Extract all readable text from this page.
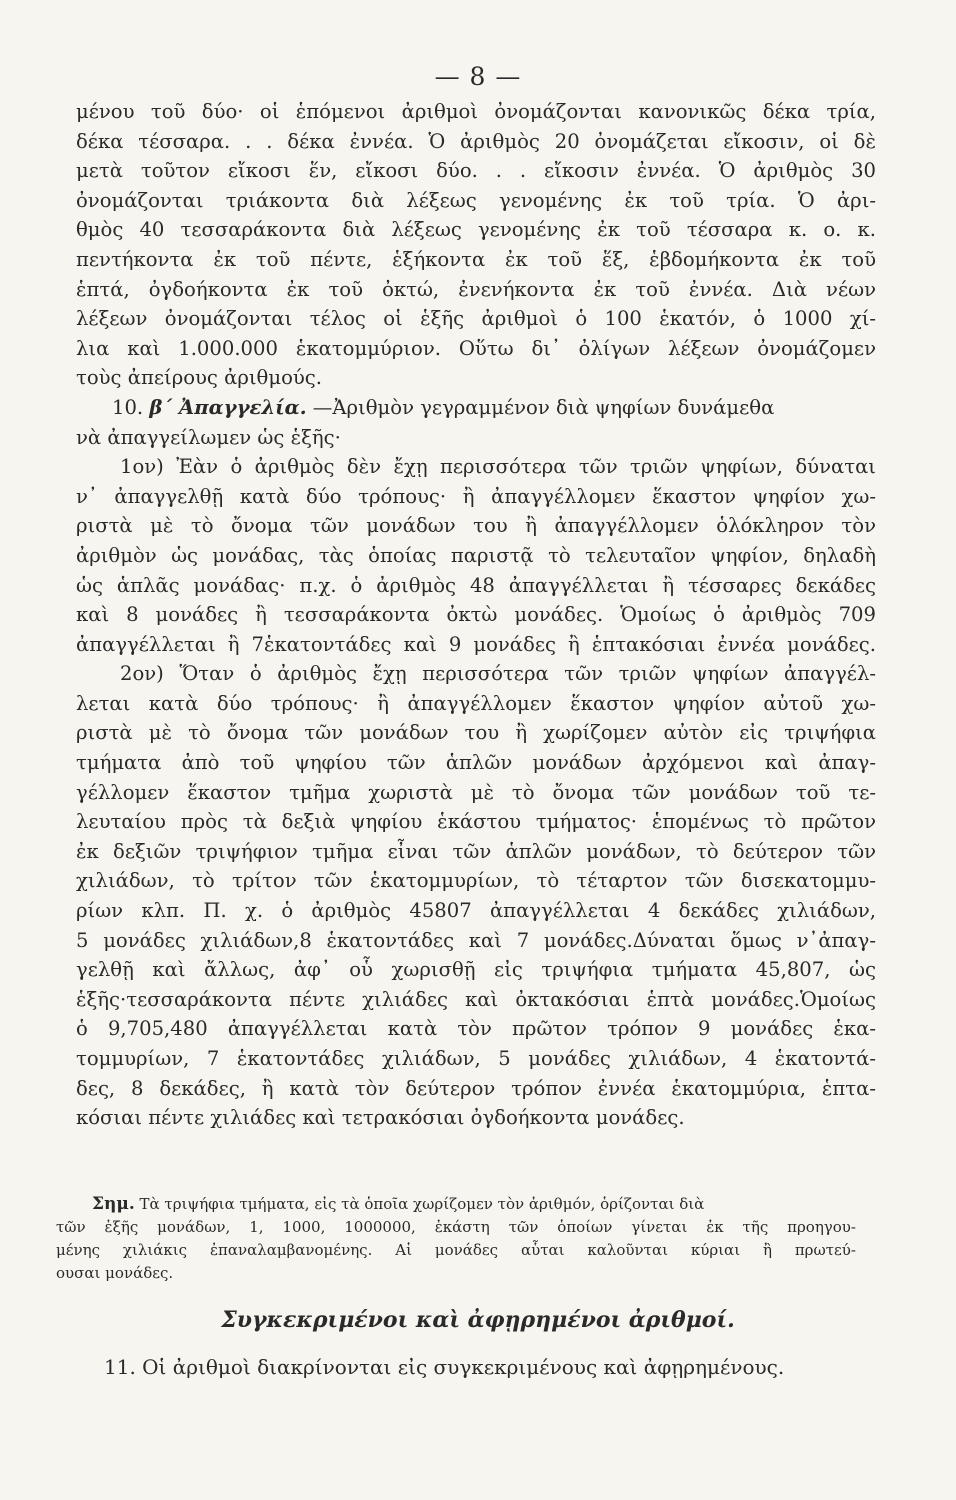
— 8 —
μένου τοῦ δύο· οἱ ἑπόμενοι ἀριθμοὶ ὀνομάζονται κανονικῶς δέκα τρία,
δέκα τέσσαρα. . . δέκα ἐννέα. Ὁ ἀριθμὸς 20 ὀνομάζεται εἴκοσιν, οἱ δὲ
μετὰ τοῦτον εἴκοσι ἕν, εἴκοσι δύο. . . εἴκοσιν ἐννέα. Ὁ ἀριθμὸς 30
ὀνομάζονται τριάκοντα διὰ λέξεως γενομένης ἐκ τοῦ τρία. Ὁ ἀρι-
θμὸς 40 τεσσαράκοντα διὰ λέξεως γενομένης ἐκ τοῦ τέσσαρα κ. ο. κ.
πεντήκοντα ἐκ τοῦ πέντε, ἑξήκοντα ἐκ τοῦ ἕξ, ἑβδομήκοντα ἐκ τοῦ
ἑπτά, ὀγδοήκοντα ἐκ τοῦ ὀκτώ, ἐνενήκοντα ἐκ τοῦ ἐννέα. Διὰ νέων
λέξεων ὀνομάζονται τέλος οἱ ἑξῆς ἀριθμοὶ ὁ 100 ἑκατόν, ὁ 1000 χί-
λια καὶ 1.000.000 ἑκατομμύριον. Οὕτω δι᾽ ὀλίγων λέξεων ὀνομάζομεν
τοὺς ἀπείρους ἀριθμούς.
10. β΄ Ἀπαγγελία. —Ἀριθμὸν γεγραμμένον διὰ ψηφίων δυνάμεθα
νὰ ἀπαγγείλωμεν ὡς ἑξῆς·
1ον) Ἐὰν ὁ ἀριθμὸς δὲν ἔχῃ περισσότερα τῶν τριῶν ψηφίων, δύναται
ν᾽ ἀπαγγελθῇ κατὰ δύο τρόπους· ἢ ἀπαγγέλλομεν ἕκαστον ψηφίον χω-
ριστὰ μὲ τὸ ὄνομα τῶν μονάδων του ἢ ἀπαγγέλλομεν ὁλόκληρον τὸν
ἀριθμὸν ὡς μονάδας, τὰς ὁποίας παριστᾷ τὸ τελευταῖον ψηφίον, δηλαδὴ
ὡς ἁπλᾶς μονάδας· π.χ. ὁ ἀριθμὸς 48 ἀπαγγέλλεται ἢ τέσσαρες δεκάδες
καὶ 8 μονάδες ἢ τεσσαράκοντα ὀκτὼ μονάδες. Ὁμοίως ὁ ἀριθμὸς 709
ἀπαγγέλλεται ἢ 7ἑκατοντάδες καὶ 9 μονάδες ἢ ἑπτακόσιαι ἐννέα μονάδες.
2ον) Ὅταν ὁ ἀριθμὸς ἔχῃ περισσότερα τῶν τριῶν ψηφίων ἀπαγγέλ-
λεται κατὰ δύο τρόπους· ἢ ἀπαγγέλλομεν ἕκαστον ψηφίον αὐτοῦ χω-
ριστὰ μὲ τὸ ὄνομα τῶν μονάδων του ἢ χωρίζομεν αὐτὸν εἰς τριψήφια
τμήματα ἀπὸ τοῦ ψηφίου τῶν ἁπλῶν μονάδων ἀρχόμενοι καὶ ἀπαγ-
γέλλομεν ἕκαστον τμῆμα χωριστὰ μὲ τὸ ὄνομα τῶν μονάδων τοῦ τε-
λευταίου πρὸς τὰ δεξιὰ ψηφίου ἑκάστου τμήματος· ἑπομένως τὸ πρῶτον
ἐκ δεξιῶν τριψήφιον τμῆμα εἶναι τῶν ἁπλῶν μονάδων, τὸ δεύτερον τῶν
χιλιάδων, τὸ τρίτον τῶν ἑκατομμυρίων, τὸ τέταρτον τῶν δισεκατομμυ-
ρίων κλπ. Π. χ. ὁ ἀριθμὸς 45807 ἀπαγγέλλεται 4 δεκάδες χιλιάδων,
5 μονάδες χιλιάδων,8 ἑκατοντάδες καὶ 7 μονάδες.Δύναται ὅμως ν᾽ἀπαγ-
γελθῇ καὶ ἄλλως, ἀφ᾽ οὗ χωρισθῇ εἰς τριψήφια τμήματα 45,807, ὡς
ἑξῆς·τεσσαράκοντα πέντε χιλιάδες καὶ ὀκτακόσιαι ἑπτὰ μονάδες.Ὁμοίως
ὁ 9,705,480 ἀπαγγέλλεται κατὰ τὸν πρῶτον τρόπον 9 μονάδες ἑκα-
τομμυρίων, 7 ἑκατοντάδες χιλιάδων, 5 μονάδες χιλιάδων, 4 ἑκατοντά-
δες, 8 δεκάδες, ἢ κατὰ τὸν δεύτερον τρόπον ἐννέα ἑκατομμύρια, ἑπτα-
κόσιαι πέντε χιλιάδες καὶ τετρακόσιαι ὀγδοήκοντα μονάδες.
Σημ. Τὰ τριψήφια τμήματα, εἰς τὰ ὁποῖα χωρίζομεν τὸν ἀριθμόν, ὁρίζονται διὰ
τῶν ἑξῆς μονάδων, 1, 1000, 1000000, ἑκάστη τῶν ὁποίων γίνεται ἐκ τῆς προηγου-
μένης χιλιάκις ἐπαναλαμβανομένης. Αἱ μονάδες αὗται καλοῦνται κύριαι ἢ πρωτεύ-
ουσαι μονάδες.
Συγκεκριμένοι καὶ ἀφῃρημένοι ἀριθμοί.
11. Οἱ ἀριθμοὶ διακρίνονται εἰς συγκεκριμένους καὶ ἀφῃρημένους.
